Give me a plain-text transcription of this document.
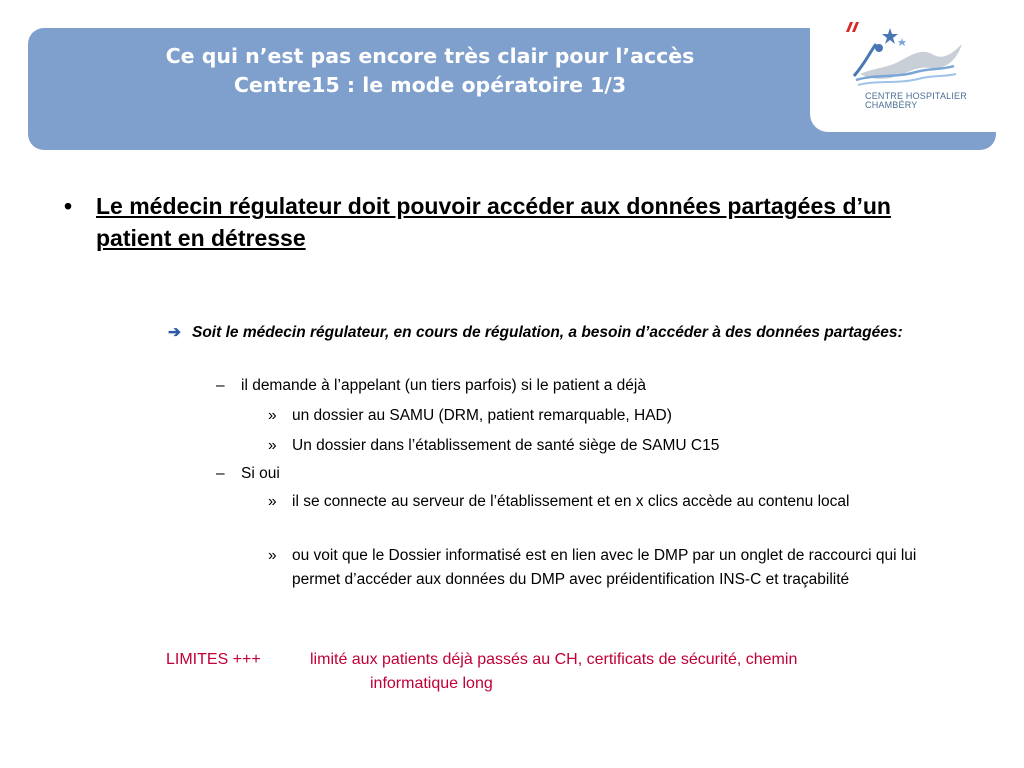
Ce qui n’est pas encore très clair pour l’accès
Centre15 : le mode opératoire 1/3	CENTRE HOSPITALIER
CHAMBÉRY
• Le médecin régulateur doit pouvoir accéder aux données partagées d’un patient en détresse
➔ Soit le médecin régulateur, en cours de régulation, a besoin d’accéder à des données partagées:
– il demande à l’appelant (un tiers parfois) si le patient a déjà
» un dossier au SAMU (DRM, patient remarquable, HAD)
» Un dossier dans l’établissement de santé siège de SAMU C15
– Si oui
» il se connecte au serveur de l’établissement et en x clics accède au contenu local
» ou voit que le Dossier informatisé est en lien avec le DMP par un onglet de raccourci qui lui permet d’accéder aux données du DMP avec préidentification INS-C et traçabilité
LIMITES +++	limité aux patients déjà passés au CH, certificats de sécurité, chemin
informatique long
